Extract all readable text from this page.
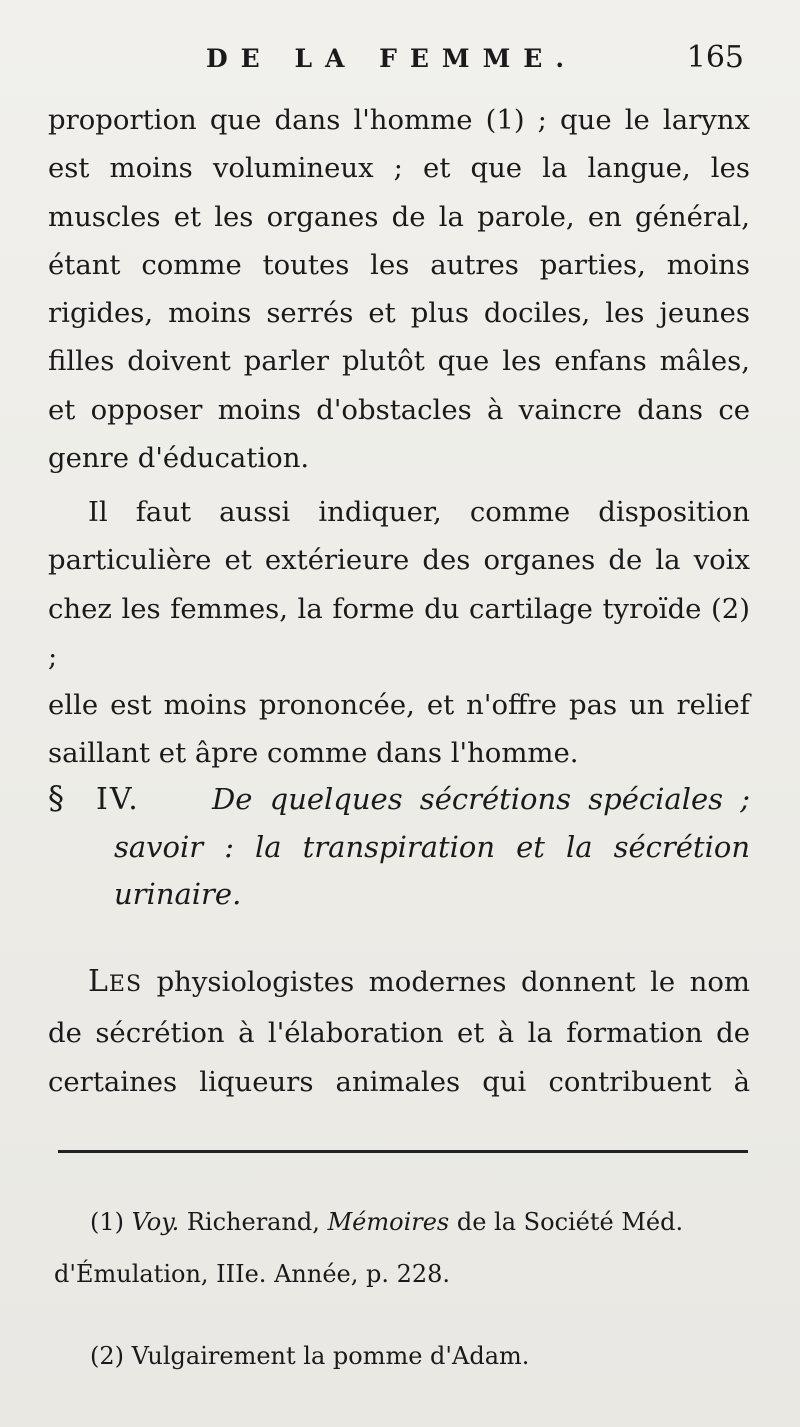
DE LA FEMME.	165
proportion que dans l'homme (1) ; que le larynx
est moins volumineux ; et que la langue, les
muscles et les organes de la parole, en général,
étant comme toutes les autres parties, moins
rigides, moins serrés et plus dociles, les jeunes
filles doivent parler plutôt que les enfans mâles,
et opposer moins d'obstacles à vaincre dans ce
genre d'éducation.
Il faut aussi indiquer, comme disposition
particulière et extérieure des organes de la voix
chez les femmes, la forme du cartilage tyroïde (2) ;
elle est moins prononcée, et n'offre pas un relief
saillant et âpre comme dans l'homme.
§	IV.	De quelques sécrétions spéciales ;
savoir : la transpiration et la sécrétion
urinaire.
LES physiologistes modernes donnent le nom
de sécrétion à l'élaboration et à la formation de
certaines liqueurs animales qui contribuent à
(1) Voy. Richerand, Mémoires de la Société Méd.
d'Émulation, IIIe. Année, p. 228.
(2) Vulgairement la pomme d'Adam.
